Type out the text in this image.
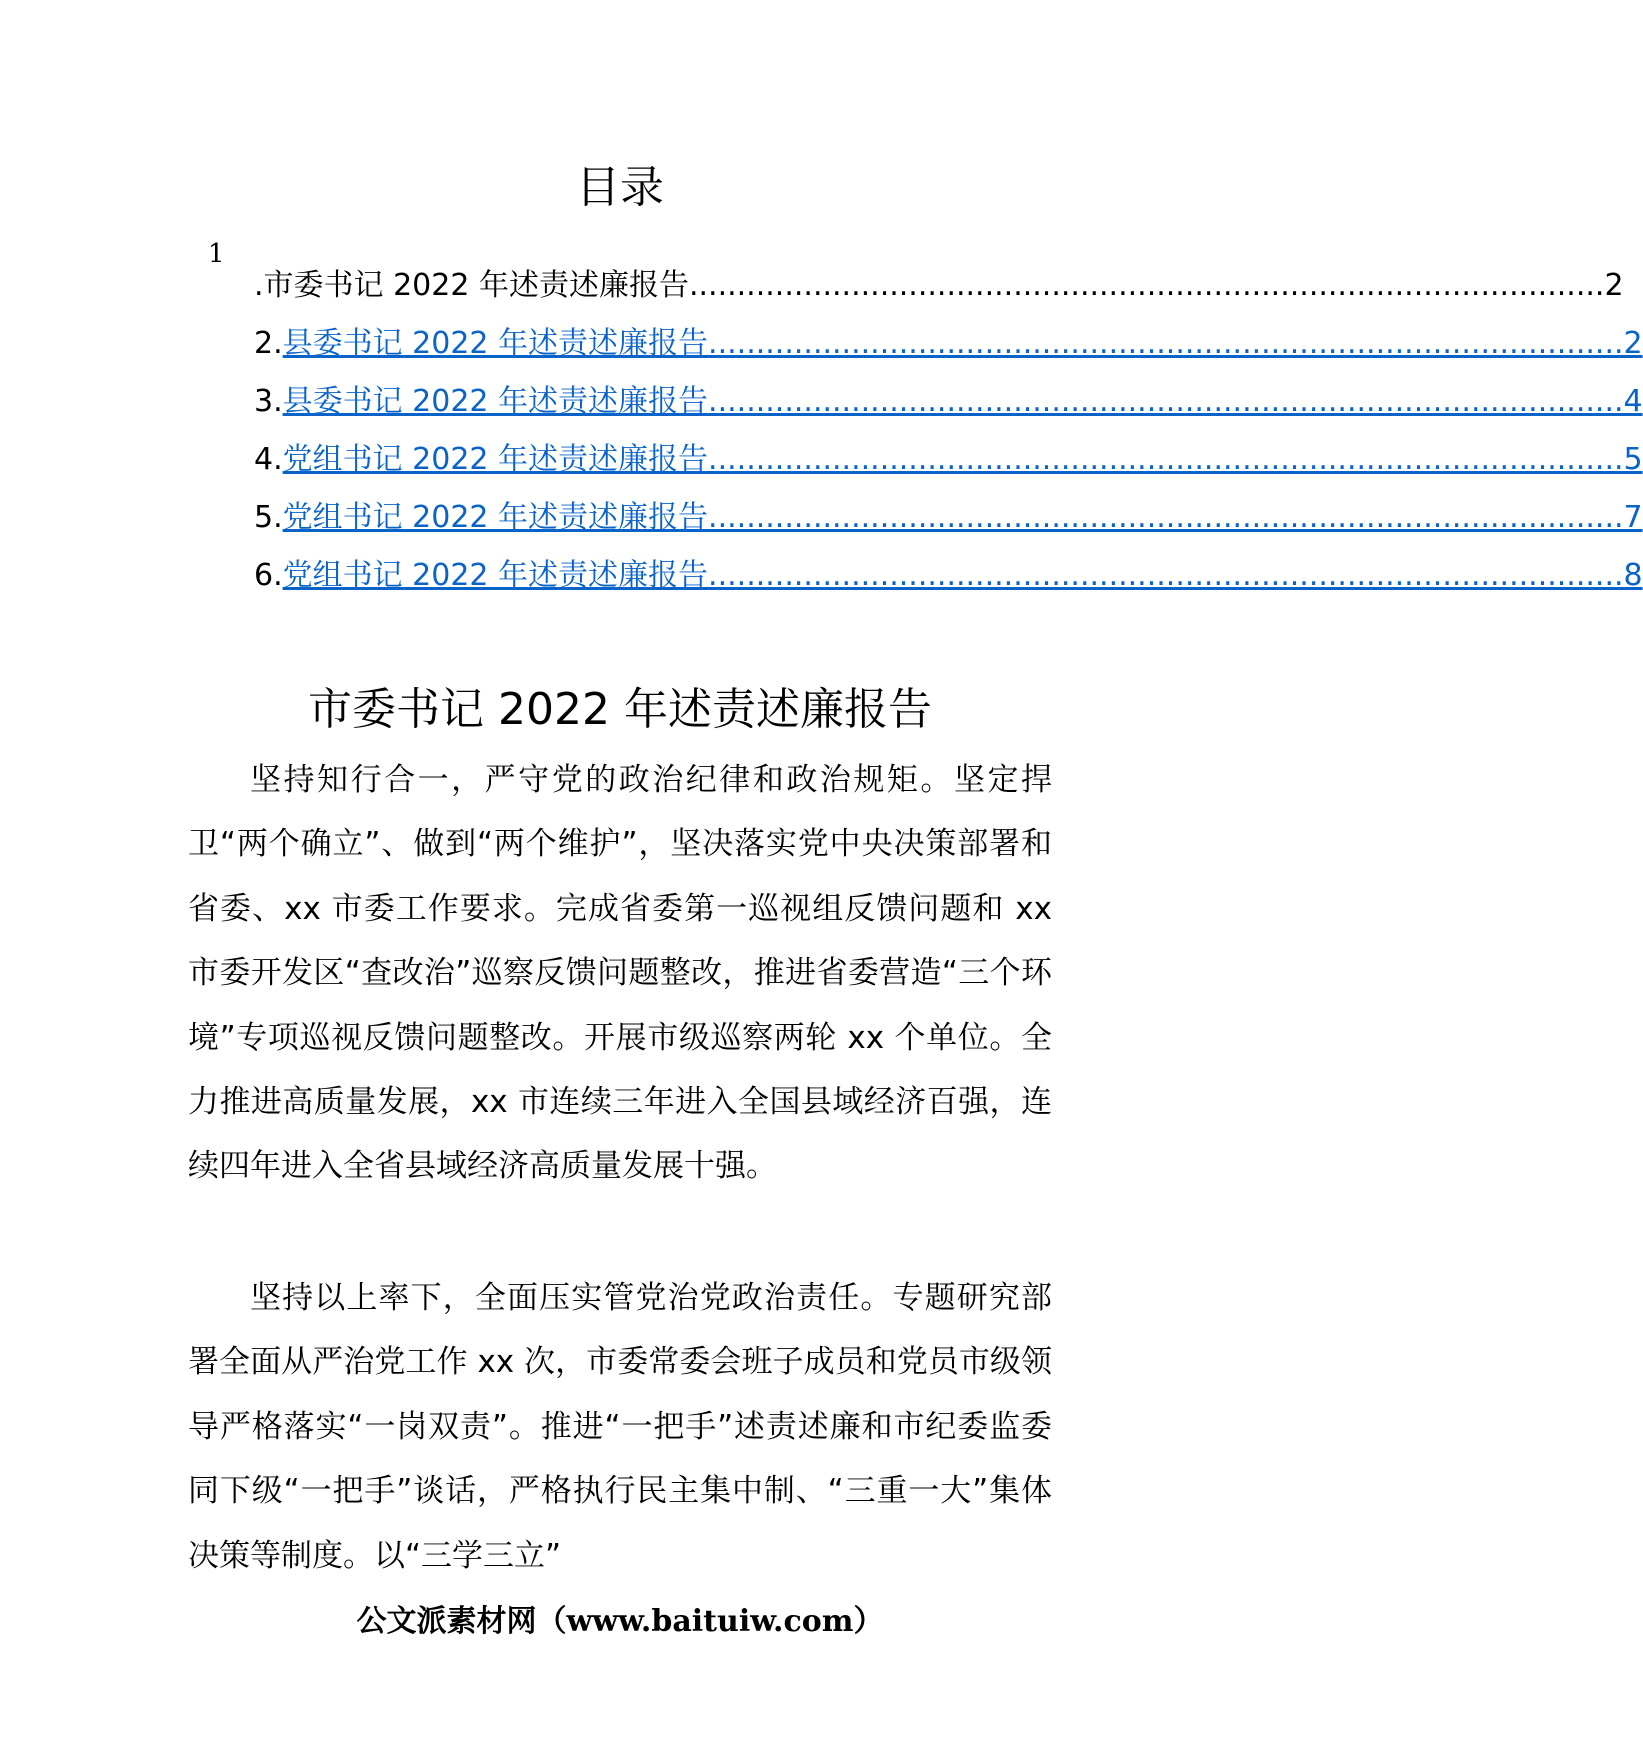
目录
1
.市委书记 2022 年述责述廉报告 ................................................................................................ 2
2. 县委书记 2022 年述责述廉报告 ................................................................................................ 2
3. 县委书记 2022 年述责述廉报告 ................................................................................................ 4
4. 党组书记 2022 年述责述廉报告 ................................................................................................ 5
5. 党组书记 2022 年述责述廉报告 ................................................................................................ 7
6. 党组书记 2022 年述责述廉报告 ................................................................................................ 8
市委书记 2022 年述责述廉报告

坚持知行合一，严守党的政治纪律和政治规矩。坚定捍卫“两个确立”、做到“两个维护”，坚决落实党中央决策部署和省委、xx 市委工作要求。完成省委第一巡视组反馈问题和 xx 市委开发区“查改治”巡察反馈问题整改，推进省委营造“三个环境”专项巡视反馈问题整改。开展市级巡察两轮 xx 个单位。全力推进高质量发展，xx 市连续三年进入全国县域经济百强，连续四年进入全省县域经济高质量发展十强。

坚持以上率下，全面压实管党治党政治责任。专题研究部署全面从严治党工作 xx 次，市委常委会班子成员和党员市级领导严格落实“一岗双责”。推进“一把手”述责述廉和市纪委监委同下级“一把手”谈话，严格执行民主集中制、“三重一大”集体决策等制度。以“三学三立”

公文派素材网（www.baituiw.com）
